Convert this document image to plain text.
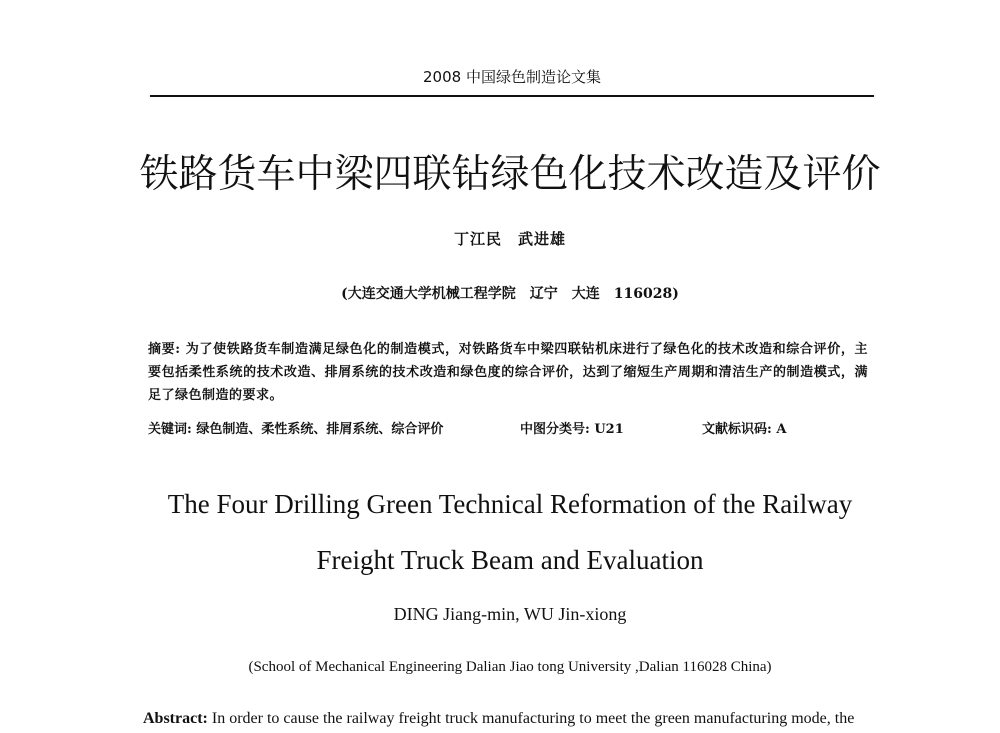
2008 中国绿色制造论文集
铁路货车中梁四联钻绿色化技术改造及评价
丁江民　武进雄
(大连交通大学机械工程学院　辽宁　大连　116028)
摘要: 为了使铁路货车制造满足绿色化的制造模式，对铁路货车中梁四联钻机床进行了绿色化的技术改造和综合评价，主要包括柔性系统的技术改造、排屑系统的技术改造和绿色度的综合评价，达到了缩短生产周期和清洁生产的制造模式，满足了绿色制造的要求。
关键词: 绿色制造、柔性系统、排屑系统、综合评价	中图分类号: U21	文献标识码: A
The Four Drilling Green Technical Reformation of the Railway
Freight Truck Beam and Evaluation
DING Jiang-min, WU Jin-xiong
(School of Mechanical Engineering Dalian Jiao tong University ,Dalian 116028 China)
Abstract: In order to cause the railway freight truck manufacturing to meet the green manufacturing mode, the
